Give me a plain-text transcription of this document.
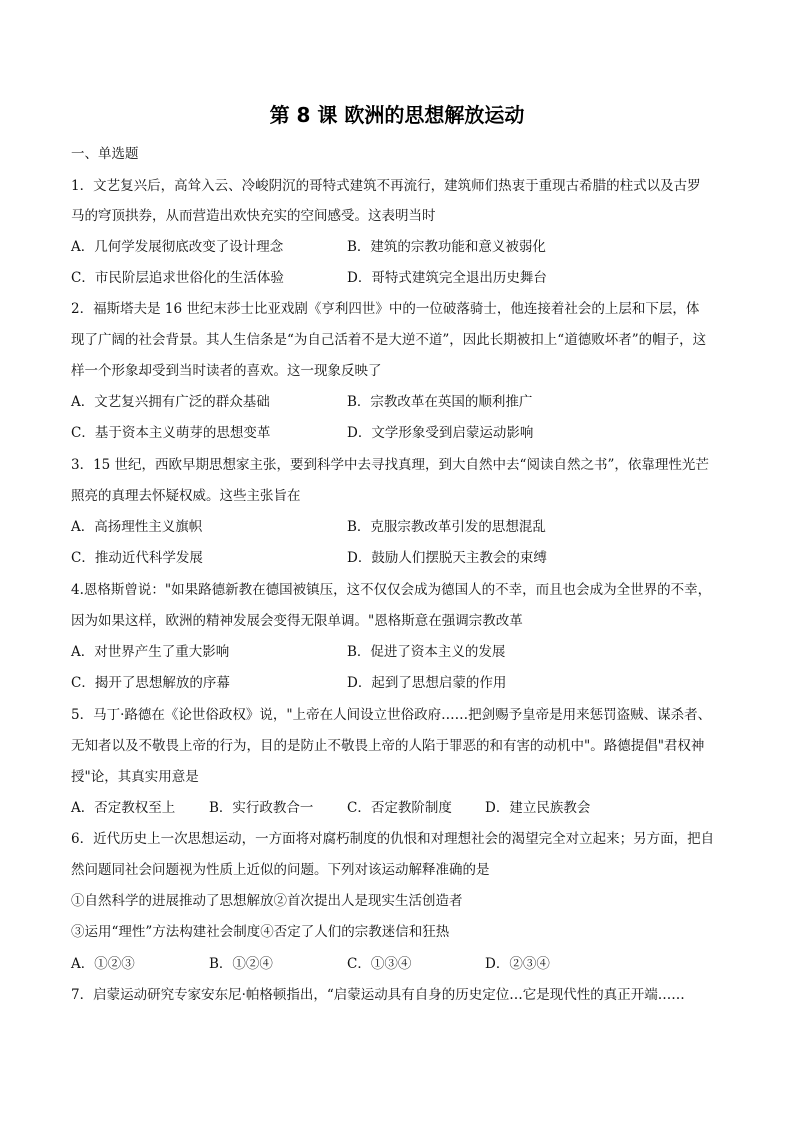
第 8 课 欧洲的思想解放运动
一、单选题
1．文艺复兴后，高耸入云、冷峻阴沉的哥特式建筑不再流行，建筑师们热衷于重现古希腊的柱式以及古罗
马的穹顶拱券，从而营造出欢快充实的空间感受。这表明当时
A．几何学发展彻底改变了设计理念	B．建筑的宗教功能和意义被弱化
C．市民阶层追求世俗化的生活体验	D．哥特式建筑完全退出历史舞台
2．福斯塔夫是 16 世纪末莎士比亚戏剧《亨利四世》中的一位破落骑士，他连接着社会的上层和下层，体
现了广阔的社会背景。其人生信条是“为自己活着不是大逆不道”，因此长期被扣上“道德败坏者”的帽子，这
样一个形象却受到当时读者的喜欢。这一现象反映了
A．文艺复兴拥有广泛的群众基础	B．宗教改革在英国的顺利推广
C．基于资本主义萌芽的思想变革	D．文学形象受到启蒙运动影响
3．15 世纪，西欧早期思想家主张，要到科学中去寻找真理，到大自然中去“阅读自然之书”，依靠理性光芒
照亮的真理去怀疑权威。这些主张旨在
A．高扬理性主义旗帜	B．克服宗教改革引发的思想混乱
C．推动近代科学发展	D．鼓励人们摆脱天主教会的束缚
4.恩格斯曾说："如果路德新教在德国被镇压，这不仅仅会成为德国人的不幸，而且也会成为全世界的不幸，
因为如果这样，欧洲的精神发展会变得无限单调。"恩格斯意在强调宗教改革
A．对世界产生了重大影响	B．促进了资本主义的发展
C．揭开了思想解放的序幕	D．起到了思想启蒙的作用
5．马丁·路德在《论世俗政权》说，"上帝在人间设立世俗政府……把剑赐予皇帝是用来惩罚盗贼、谋杀者、
无知者以及不敬畏上帝的行为，目的是防止不敬畏上帝的人陷于罪恶的和有害的动机中"。路德提倡"君权神
授"论，其真实用意是
A．否定教权至上	B．实行政教合一 C．否定教阶制度 D．建立民族教会
6．近代历史上一次思想运动，一方面将对腐朽制度的仇恨和对理想社会的渴望完全对立起来；另方面，把自
然问题同社会问题视为性质上近似的问题。下列对该运动解释准确的是
①自然科学的进展推动了思想解放②首次提出人是现实生活创造者
③运用“理性”方法构建社会制度④否定了人们的宗教迷信和狂热
A．①②③	B．①②④	C．①③④	D．②③④
7．启蒙运动研究专家安东尼·帕格顿指出，“启蒙运动具有自身的历史定位…它是现代性的真正开端……
